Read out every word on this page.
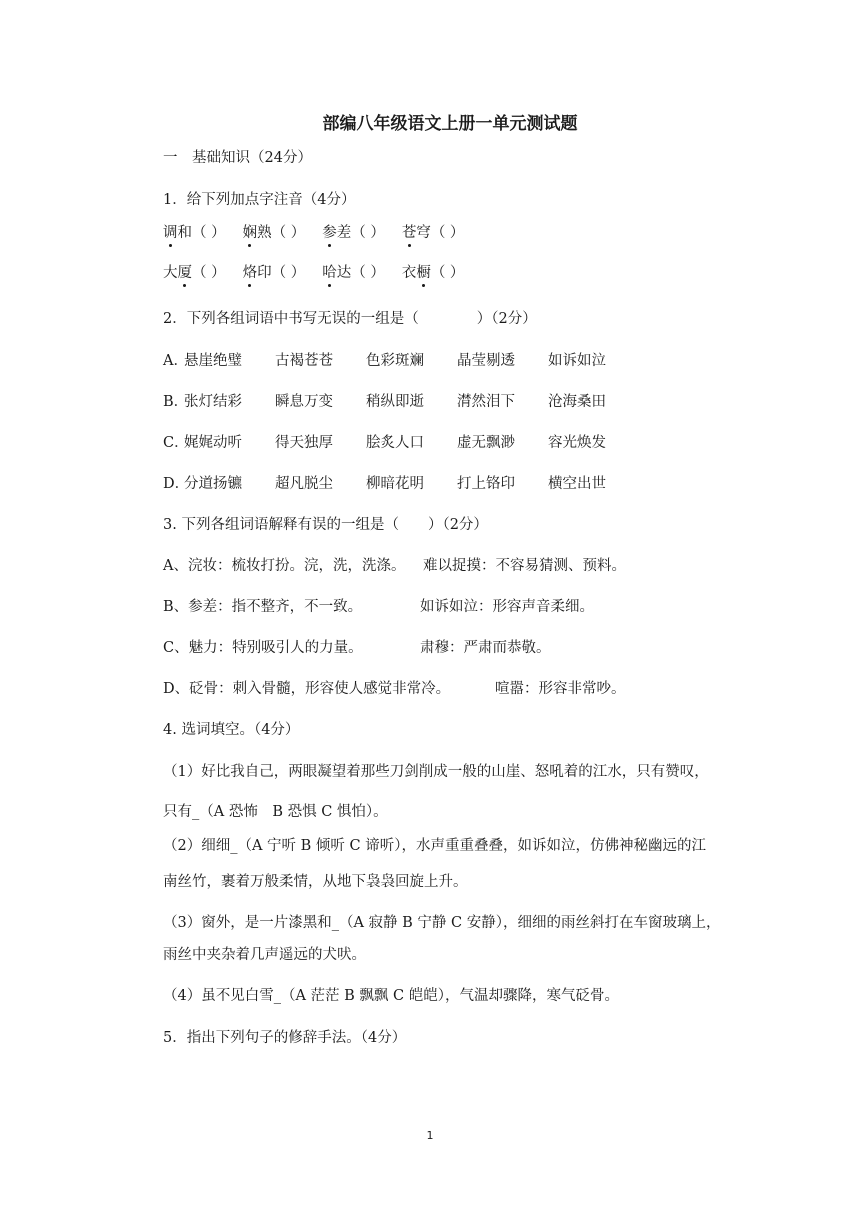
部编八年级语文上册一单元测试题
一　基础知识（24分）
1．给下列加点字注音（4分）
调和（ ） 娴熟（ ） 参差（ ） 苍穹（ ）
大厦（ ） 烙印（ ） 哈达（ ） 衣橱（ ）
2．下列各组词语中书写无误的一组是（	）（2分）
A．
悬崖绝璧 古褐苍苍 色彩斑斓 晶莹剔透 如诉如泣
B．
张灯结彩 瞬息万变 稍纵即逝 潸然泪下 沧海桑田
C．
娓娓动听 得天独厚 脍炙人口 虚无飘渺 容光焕发
D．
分道扬镳 超凡脱尘 柳暗花明 打上铬印 横空出世
3. 下列各组词语解释有误的一组是（　　）（2分）
A、浣妆：梳妆打扮。浣，洗，洗涤。 难以捉摸：不容易猜测、预料。
B、参差：指不整齐，不一致。	如诉如泣：形容声音柔细。
C、魅力：特别吸引人的力量。	肃穆：严肃而恭敬。
D、砭骨：刺入骨髓，形容使人感觉非常冷。	喧嚣：形容非常吵。
4. 选词填空。（4分）
（1）好比我自己，两眼凝望着那些刀剑削成一般的山崖、怒吼着的江水，只有赞叹，
只有_（A 恐怖　B 恐惧 C 惧怕）。
（2）细细_（A 宁听 B 倾听 C 谛听），水声重重叠叠，如诉如泣，仿佛神秘幽远的江
南丝竹，裹着万般柔情，从地下袅袅回旋上升。
（3）窗外，是一片漆黑和_（A 寂静 B 宁静 C 安静），细细的雨丝斜打在车窗玻璃上，
雨丝中夹杂着几声遥远的犬吠。
（4）虽不见白雪_（A 茫茫 B 飘飘 C 皑皑），气温却骤降，寒气砭骨。
5．指出下列句子的修辞手法。（4分）
1
